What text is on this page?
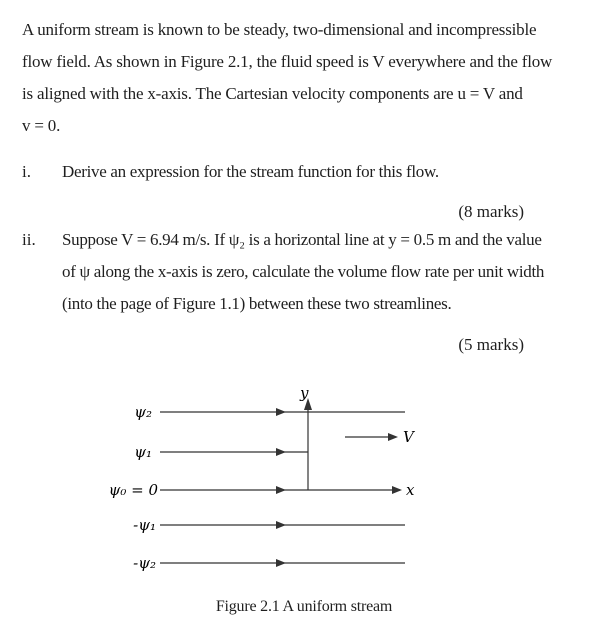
A uniform stream is known to be steady, two-dimensional and incompressible
flow field. As shown in Figure 2.1, the fluid speed is V everywhere and the flow
is aligned with the x-axis. The Cartesian velocity components are u = V and
v = 0.
i. Derive an expression for the stream function for this flow.
(8 marks)
ii. Suppose V = 6.94 m/s. If ψ₂ is a horizontal line at y = 0.5 m and the value
of ψ along the x-axis is zero, calculate the volume flow rate per unit width
(into the page of Figure 1.1) between these two streamlines.
(5 marks)
ψ₂
ψ₁
ψ₀ = 0
-ψ₁
-ψ₂
y
x
V
Figure 2.1 A uniform stream
